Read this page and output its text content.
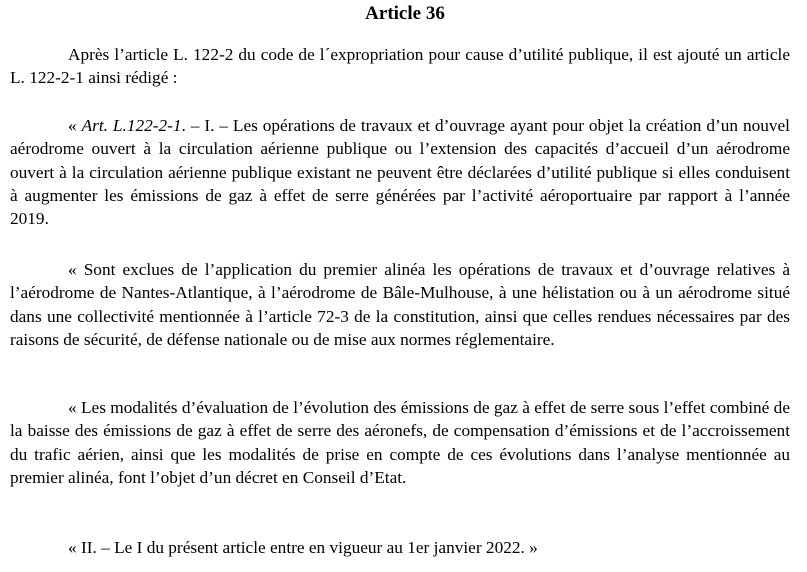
Article 36

Après l’article L. 122-2 du code de l´expropriation pour cause d’utilité publique, il est ajouté un article L. 122-2-1 ainsi rédigé :

« Art. L.122-2-1. – I. – Les opérations de travaux et d’ouvrage ayant pour objet la création d’un nouvel aérodrome ouvert à la circulation aérienne publique ou l’extension des capacités d’accueil d’un aérodrome ouvert à la circulation aérienne publique existant ne peuvent être déclarées d’utilité publique si elles conduisent à augmenter les émissions de gaz à effet de serre générées par l’activité aéroportuaire par rapport à l’année 2019.

« Sont exclues de l’application du premier alinéa les opérations de travaux et d’ouvrage relatives à l’aérodrome de Nantes-Atlantique, à l’aérodrome de Bâle-Mulhouse, à une hélistation ou à un aérodrome situé dans une collectivité mentionnée à l’article 72-3 de la constitution, ainsi que celles rendues nécessaires par des raisons de sécurité, de défense nationale ou de mise aux normes réglementaire.

« Les modalités d’évaluation de l’évolution des émissions de gaz à effet de serre sous l’effet combiné de la baisse des émissions de gaz à effet de serre des aéronefs, de compensation d’émissions et de l’accroissement du trafic aérien, ainsi que les modalités de prise en compte de ces évolutions dans l’analyse mentionnée au premier alinéa, font l’objet d’un décret en Conseil d’Etat.

« II. – Le I du présent article entre en vigueur au 1er janvier 2022. »
